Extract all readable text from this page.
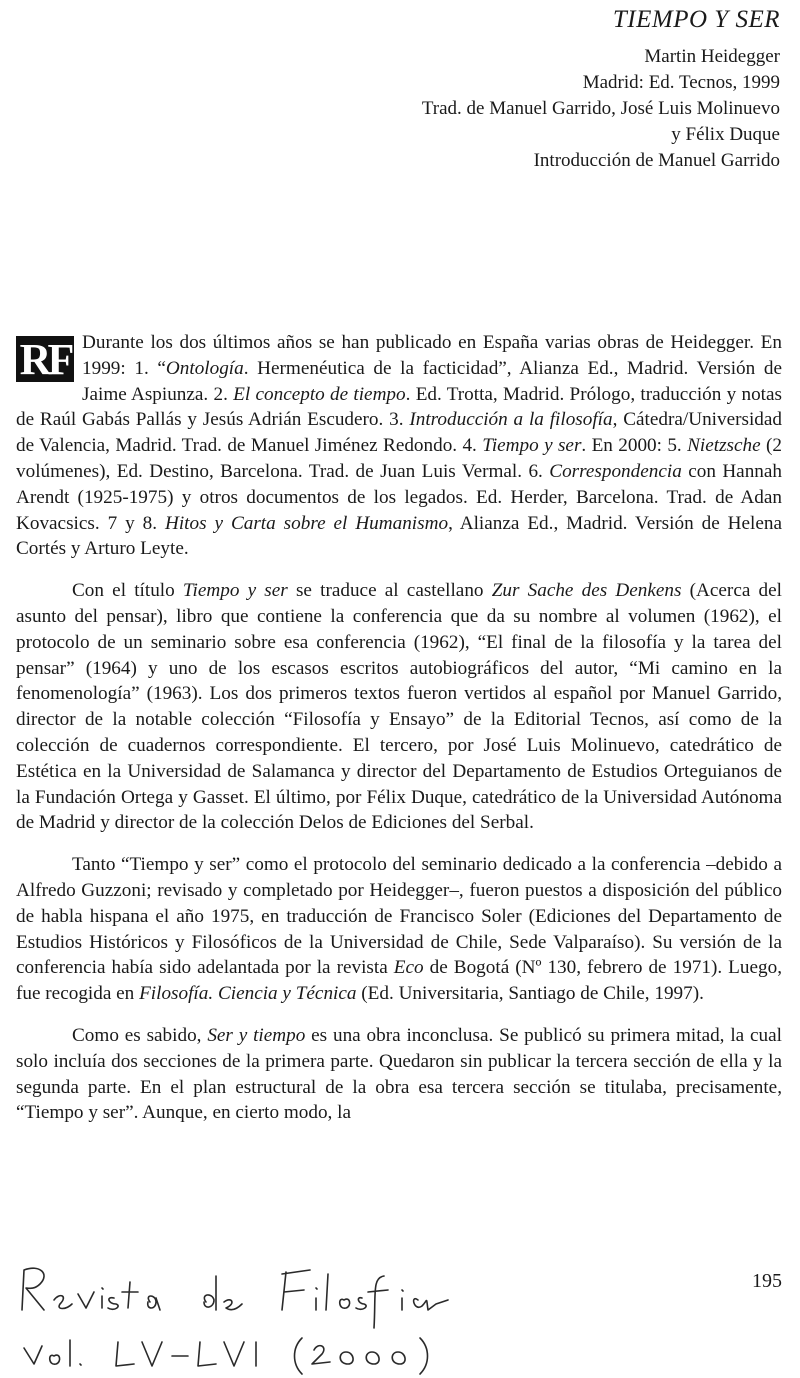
TIEMPO Y SER
Martin Heidegger
Madrid: Ed. Tecnos, 1999
Trad. de Manuel Garrido, José Luis Molinuevo
y Félix Duque
Introducción de Manuel Garrido

RF Durante los dos últimos años se han publicado en España varias obras de Heidegger. En 1999: 1. “Ontología. Hermenéutica de la facticidad”, Alianza Ed., Madrid. Versión de Jaime Aspiunza. 2. El concepto de tiempo. Ed. Trotta, Madrid. Prólogo, traducción y notas de Raúl Gabás Pallás y Jesús Adrián Escudero. 3. Introducción a la filosofía, Cátedra/Universidad de Valencia, Madrid. Trad. de Manuel Jiménez Redondo. 4. Tiempo y ser. En 2000: 5. Nietzsche (2 volúmenes), Ed. Destino, Barcelona. Trad. de Juan Luis Vermal. 6. Correspondencia con Hannah Arendt (1925-1975) y otros documentos de los legados. Ed. Herder, Barcelona. Trad. de Adan Kovacsics. 7 y 8. Hitos y Carta sobre el Humanismo, Alianza Ed., Madrid. Versión de Helena Cortés y Arturo Leyte.

Con el título Tiempo y ser se traduce al castellano Zur Sache des Denkens (Acerca del asunto del pensar), libro que contiene la conferencia que da su nombre al volumen (1962), el protocolo de un seminario sobre esa conferencia (1962), “El final de la filosofía y la tarea del pensar” (1964) y uno de los escasos escritos autobiográficos del autor, “Mi camino en la fenomenología” (1963). Los dos primeros textos fueron vertidos al español por Manuel Garrido, director de la notable colección “Filosofía y Ensayo” de la Editorial Tecnos, así como de la colección de cuadernos correspondiente. El tercero, por José Luis Molinuevo, catedrático de Estética en la Universidad de Salamanca y director del Departamento de Estudios Orteguianos de la Fundación Ortega y Gasset. El último, por Félix Duque, catedrático de la Universidad Autónoma de Madrid y director de la colección Delos de Ediciones del Serbal.

Tanto “Tiempo y ser” como el protocolo del seminario dedicado a la conferencia –debido a Alfredo Guzzoni; revisado y completado por Heidegger–, fueron puestos a disposición del público de habla hispana el año 1975, en traducción de Francisco Soler (Ediciones del Departamento de Estudios Históricos y Filosóficos de la Universidad de Chile, Sede Valparaíso). Su versión de la conferencia había sido adelantada por la revista Eco de Bogotá (Nº 130, febrero de 1971). Luego, fue recogida en Filosofía. Ciencia y Técnica (Ed. Universitaria, Santiago de Chile, 1997).

Como es sabido, Ser y tiempo es una obra inconclusa. Se publicó su primera mitad, la cual solo incluía dos secciones de la primera parte. Quedaron sin publicar la tercera sección de ella y la segunda parte. En el plan estructural de la obra esa tercera sección se titulaba, precisamente, “Tiempo y ser”. Aunque, en cierto modo, la

195
